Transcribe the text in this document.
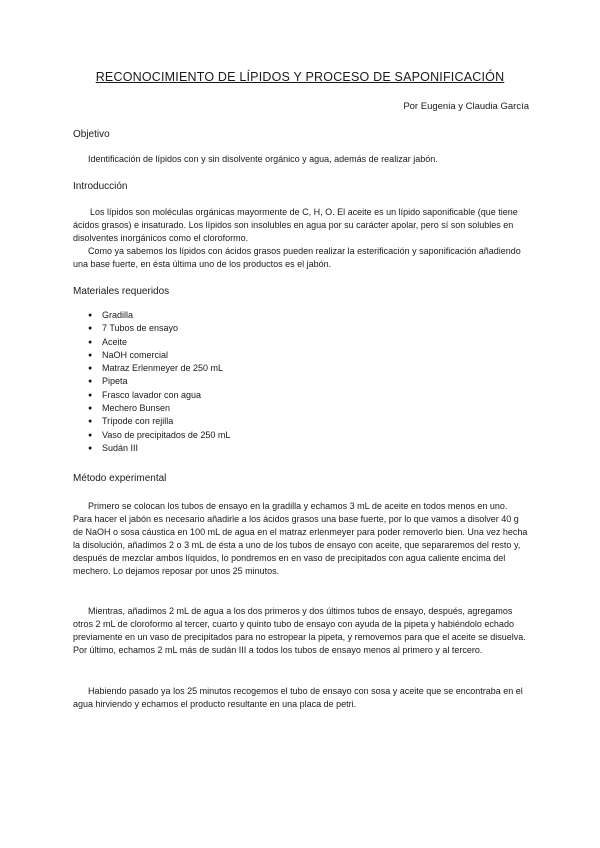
RECONOCIMIENTO DE LÍPIDOS Y PROCESO DE SAPONIFICACIÓN
Por Eugenia y Claudia García
Objetivo

Identificación de lípidos con y sin disolvente orgánico y agua, además de realizar jabón.

Introducción

Los lípidos son moléculas orgánicas mayormente de C, H, O. El aceite es un lípido saponificable (que tiene ácidos grasos) e insaturado. Los lípidos son insolubles en agua por su carácter apolar, pero sí son solubles en disolventes inorgánicos como el cloroformo.

Como ya sabemos los lípidos con ácidos grasos pueden realizar la esterificación y saponificación añadiendo una base fuerte, en ésta última uno de los productos es el jabón.

Materiales requeridos
● Gradilla
● 7 Tubos de ensayo
● Aceite
● NaOH comercial
● Matraz Erlenmeyer de 250 mL
● Pipeta
● Frasco lavador con agua
● Mechero Bunsen
● Trípode con rejilla
● Vaso de precipitados de 250 mL
● Sudán III
Método experimental

Primero se colocan los tubos de ensayo en la gradilla y echamos 3 mL de aceite en todos menos en uno. Para hacer el jabón es necesario añadirle a los ácidos grasos una base fuerte, por lo que vamos a disolver 40 g de NaOH o sosa cáustica en 100 mL de agua en el matraz erlenmeyer para poder removerlo bien. Una vez hecha la disolución, añadimos 2 o 3 mL de ésta a uno de los tubos de ensayo con aceite, que separaremos del resto y, después de mezclar ambos líquidos, lo pondremos en en vaso de precipitados con agua caliente encima del mechero. Lo dejamos reposar por unos 25 minutos.

Mientras, añadimos 2 mL de agua a los dos primeros y dos últimos tubos de ensayo, después, agregamos otros 2 mL de cloroformo al tercer, cuarto y quinto tubo de ensayo con ayuda de la pipeta y habiéndolo echado previamente en un vaso de precipitados para no estropear la pipeta, y removemos para que el aceite se disuelva. Por último, echamos 2 mL más de sudán III a todos los tubos de ensayo menos al primero y al tercero.

Habiendo pasado ya los 25 minutos recogemos el tubo de ensayo con sosa y aceite que se encontraba en el agua hirviendo y echamos el producto resultante en una placa de petri.
